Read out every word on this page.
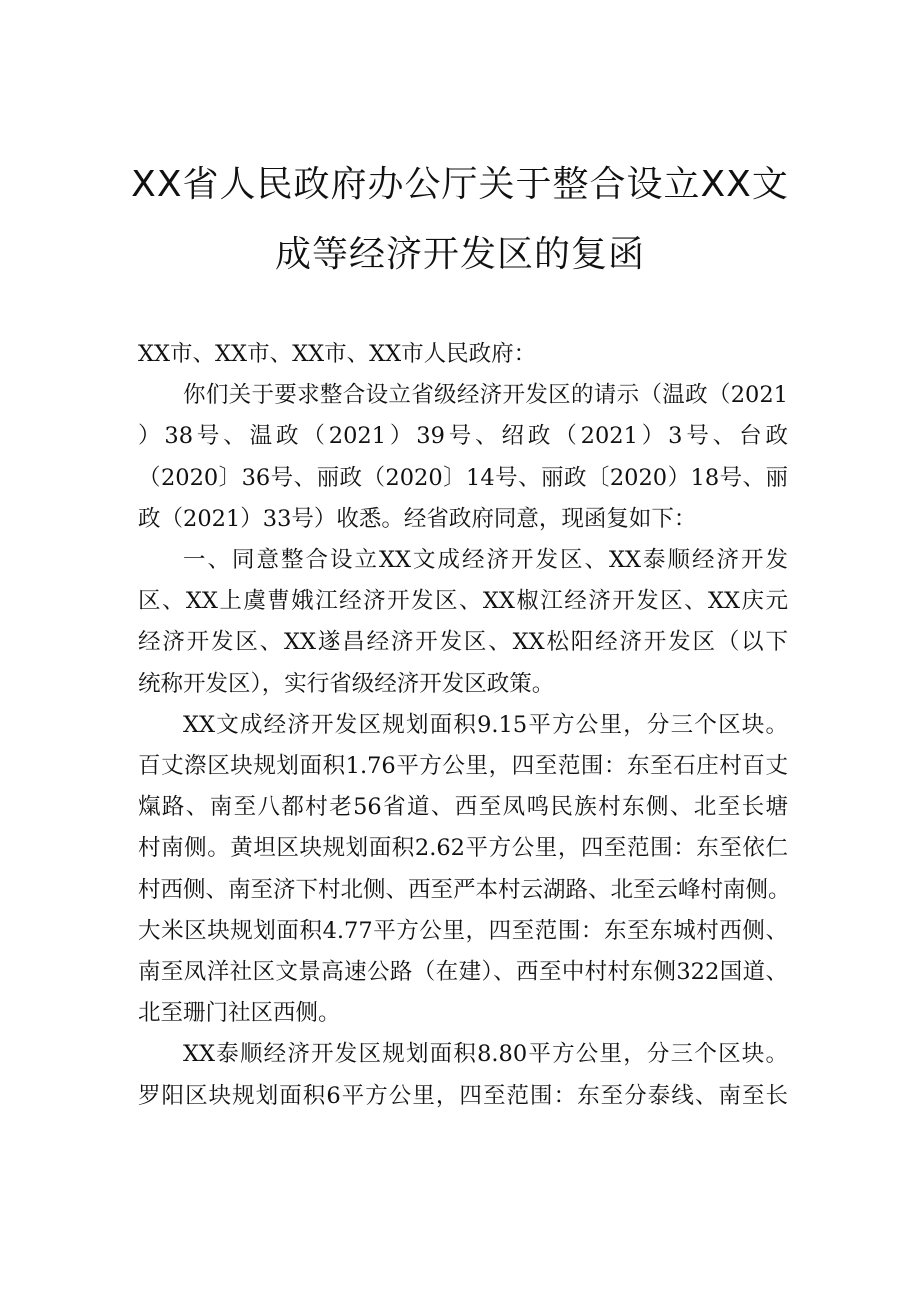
XX省人民政府办公厅关于整合设立XX文
成等经济开发区的复函

XX市、XX市、XX市、XX市人民政府：

你们关于要求整合设立省级经济开发区的请示（温政（2021
）38号、温政（2021）39号、绍政（2021）3号、台政
（2020〕36号、丽政（2020〕14号、丽政〔2020）18号、丽
政（2021）33号）收悉。经省政府同意，现函复如下：

一、同意整合设立XX文成经济开发区、XX泰顺经济开发
区、XX上虞曹娥江经济开发区、XX椒江经济开发区、XX庆元
经济开发区、XX遂昌经济开发区、XX松阳经济开发区（以下
统称开发区），实行省级经济开发区政策。

XX文成经济开发区规划面积9.15平方公里，分三个区块。
百丈漈区块规划面积1.76平方公里，四至范围：东至石庄村百丈
熂路、南至八都村老56省道、西至凤鸣民族村东侧、北至长塘
村南侧。黄坦区块规划面积2.62平方公里，四至范围：东至依仁
村西侧、南至济下村北侧、西至严本村云湖路、北至云峰村南侧。
大米区块规划面积4.77平方公里，四至范围：东至东城村西侧、
南至凤洋社区文景高速公路（在建）、西至中村村东侧322国道、
北至珊门社区西侧。

XX泰顺经济开发区规划面积8.80平方公里，分三个区块。
罗阳区块规划面积6平方公里，四至范围：东至分泰线、南至长
